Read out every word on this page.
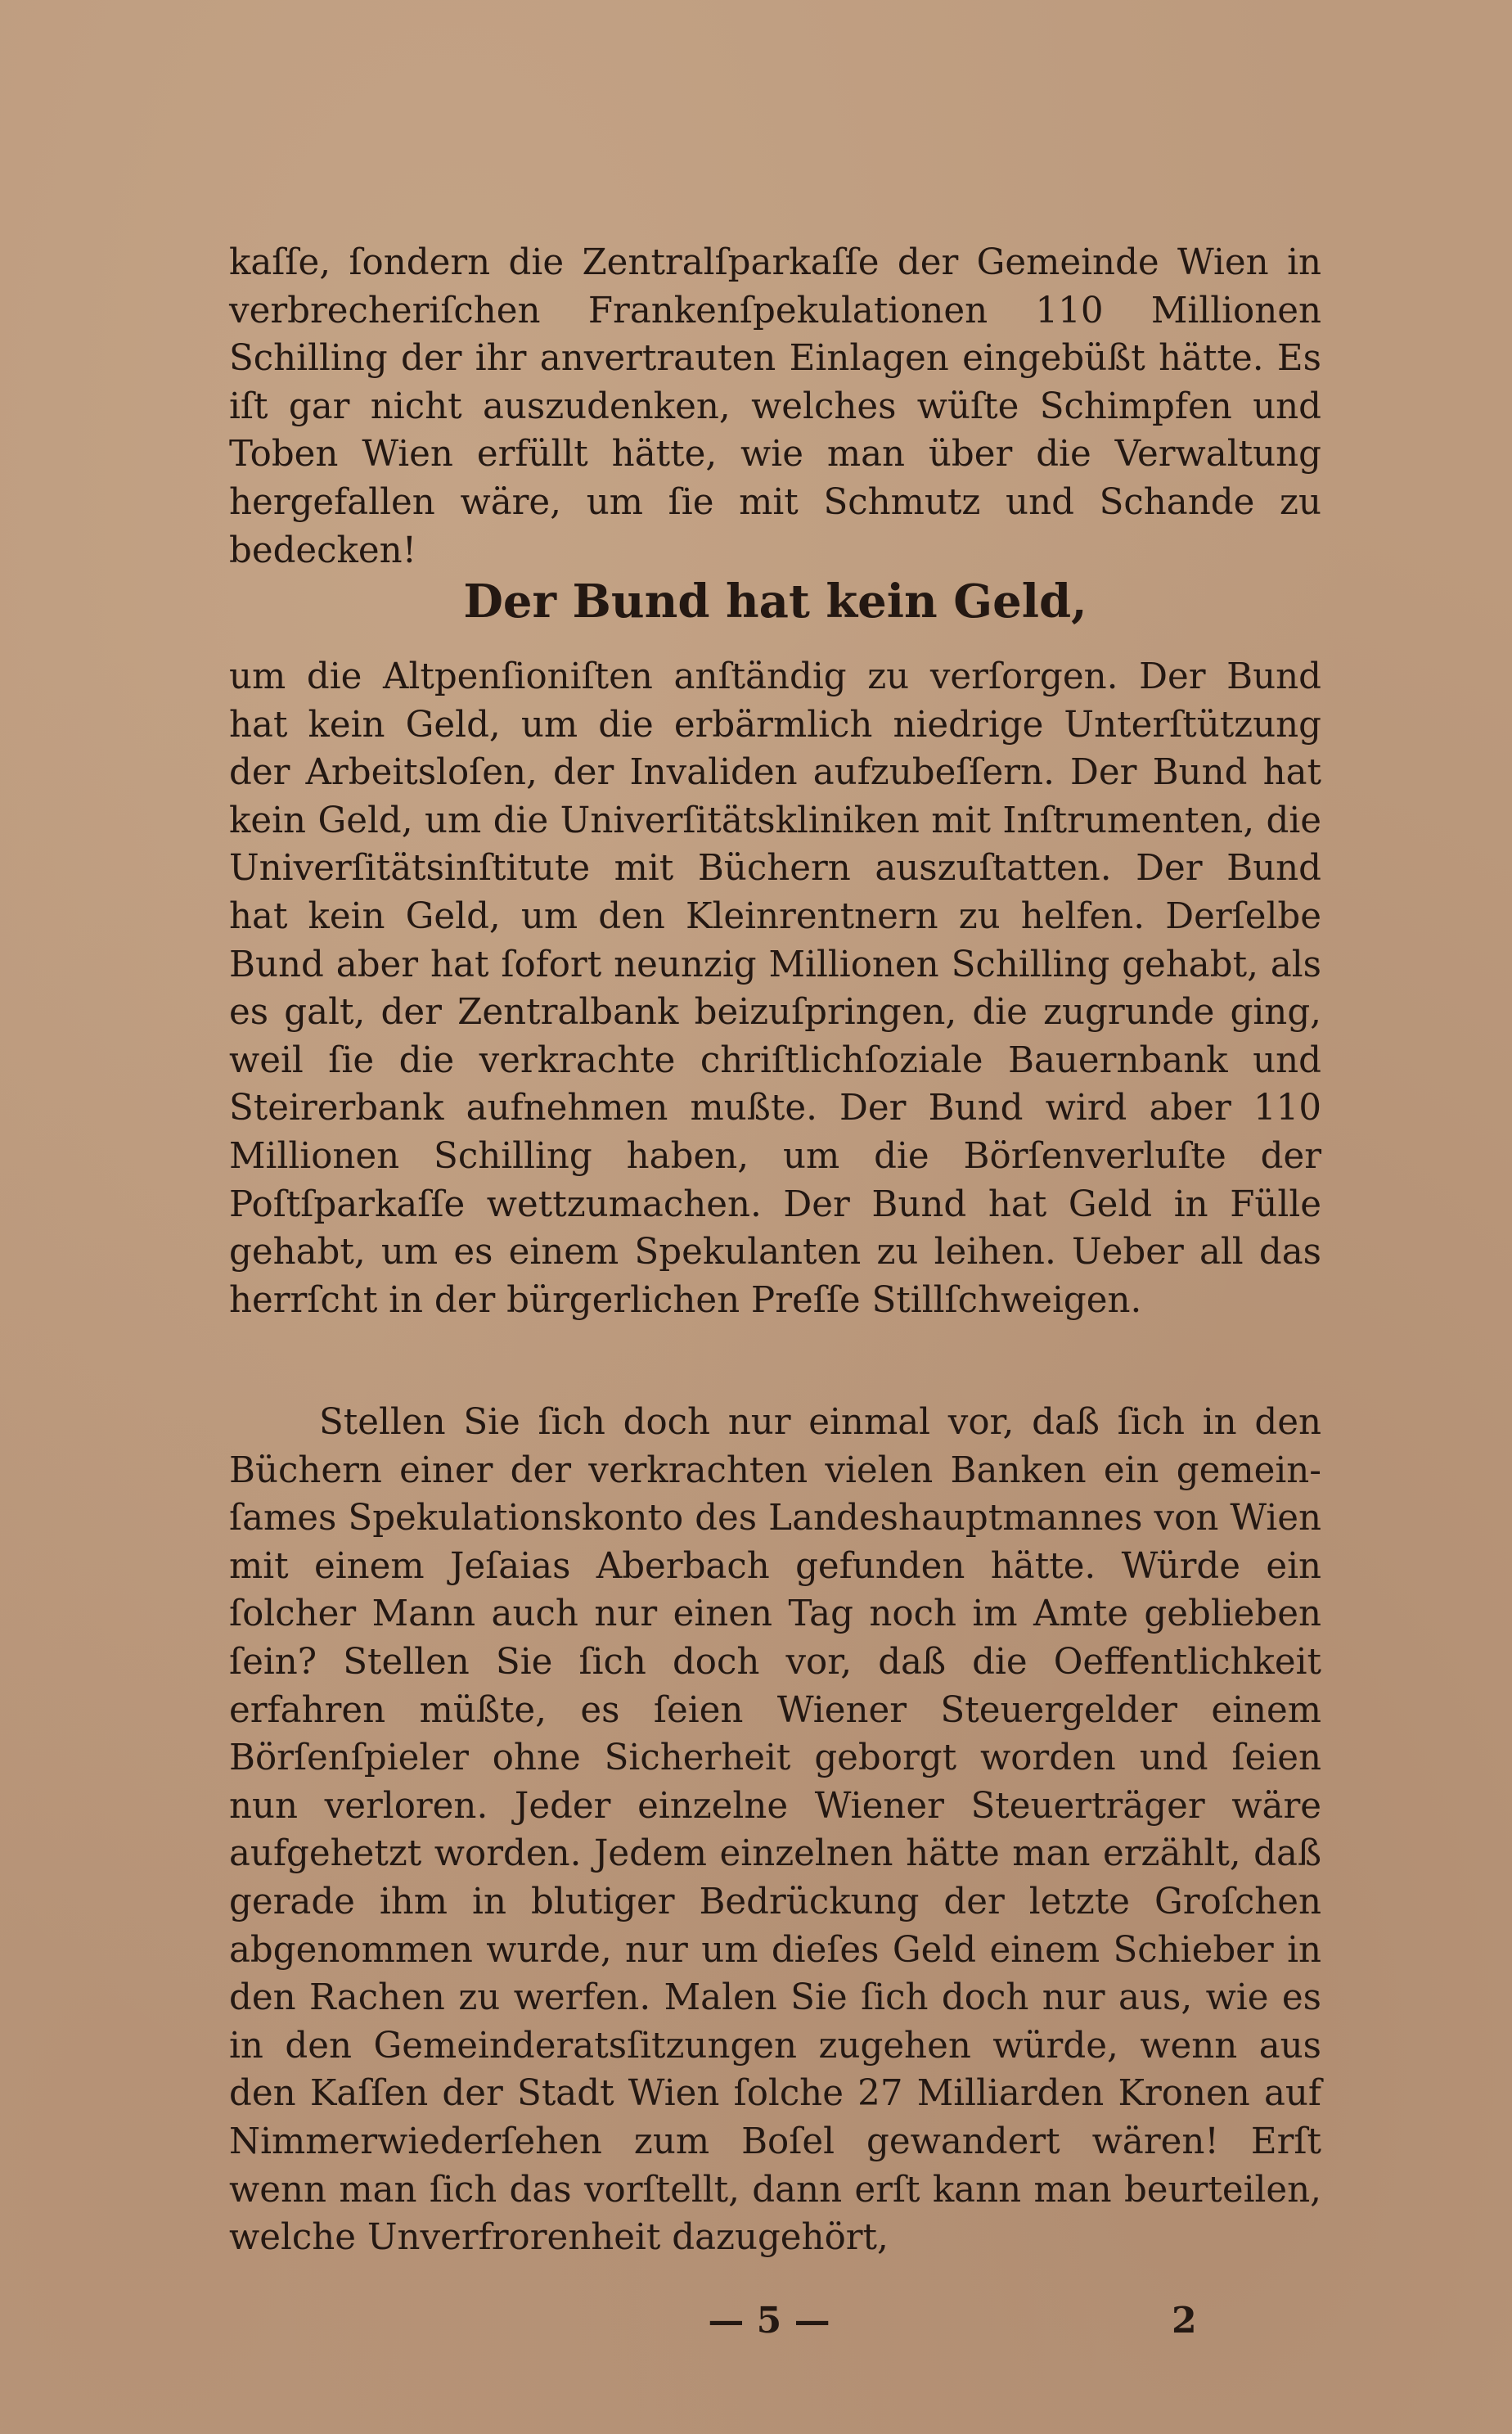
kaſſe, ſondern die Zentralſparkaſſe der Gemeinde Wien in verbrecheriſchen Frankenſpekulationen 110 Millionen Schilling der ihr anvertrauten Einlagen eingebüßt hätte. Es iſt gar nicht auszudenken, welches wüſte Schimpfen und Toben Wien erfüllt hätte, wie man über die Verwaltung hergefallen wäre, um ſie mit Schmutz und Schande zu bedecken!

Der Bund hat kein Geld,

um die Altpenſioniſten anſtändig zu verſorgen. Der Bund hat kein Geld, um die erbärmlich niedrige Unterſtützung der Arbeitsloſen, der Invaliden aufzubeſſern. Der Bund hat kein Geld, um die Univerſitätskliniken mit Inſtrumenten, die Univerſitätsinſtitute mit Büchern auszuſtatten. Der Bund hat kein Geld, um den Kleinrentnern zu helfen. Derſelbe Bund aber hat ſofort neunzig Millionen Schilling gehabt, als es galt, der Zentralbank beizuſpringen, die zugrunde ging, weil ſie die verkrachte chriſtlichſoziale Bauernbank und Steirerbank aufnehmen mußte. Der Bund wird aber 110 Millionen Schilling haben, um die Börſenverluſte der Poſtſparkaſſe wettzumachen. Der Bund hat Geld in Fülle gehabt, um es einem Spekulanten zu leihen. Ueber all das herrſcht in der bürgerlichen Preſſe Stillſchweigen.

Stellen Sie ſich doch nur einmal vor, daß ſich in den Büchern einer der verkrachten vielen Banken ein gemeinſames Spekulationskonto des Landeshauptmannes von Wien mit einem Jeſaias Aberbach gefunden hätte. Würde ein ſolcher Mann auch nur einen Tag noch im Amte geblieben ſein? Stellen Sie ſich doch vor, daß die Oeffentlichkeit erfahren müßte, es ſeien Wiener Steuergelder einem Börſenſpieler ohne Sicherheit geborgt worden und ſeien nun verloren. Jeder einzelne Wiener Steuerträger wäre aufgehetzt worden. Jedem einzelnen hätte man erzählt, daß gerade ihm in blutiger Bedrückung der letzte Groſchen abgenommen wurde, nur um dieſes Geld einem Schieber in den Rachen zu werfen. Malen Sie ſich doch nur aus, wie es in den Gemeinderatsſitzungen zugehen würde, wenn aus den Kaſſen der Stadt Wien ſolche 27 Milliarden Kronen auf Nimmerwiederſehen zum Boſel gewandert wären! Erſt wenn man ſich das vorſtellt, dann erſt kann man beurteilen, welche Unverfrorenheit dazugehört,

— 5 —	2
